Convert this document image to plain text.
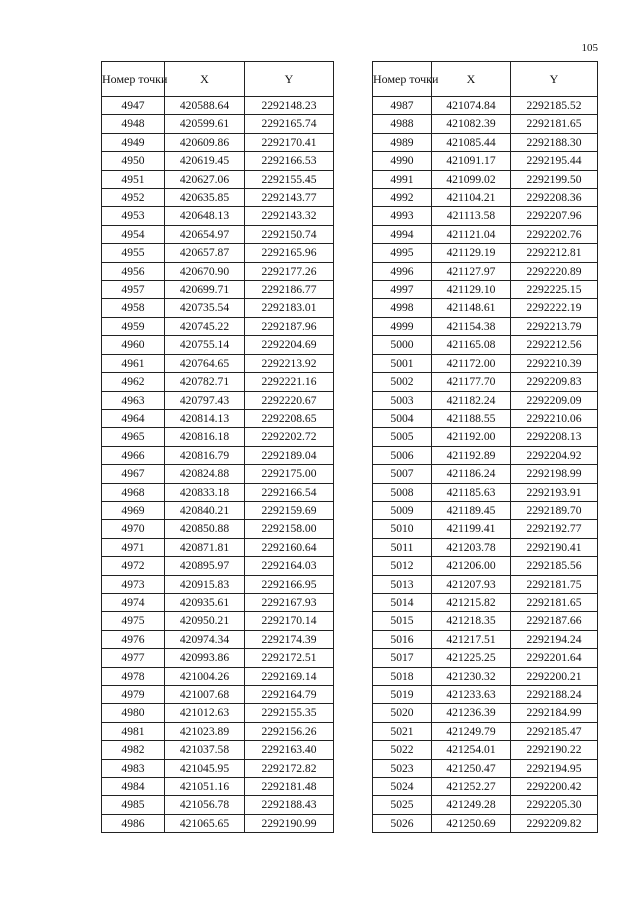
105
Номер точки	X	Y
4947	420588.64	2292148.23
4948	420599.61	2292165.74
4949	420609.86	2292170.41
4950	420619.45	2292166.53
4951	420627.06	2292155.45
4952	420635.85	2292143.77
4953	420648.13	2292143.32
4954	420654.97	2292150.74
4955	420657.87	2292165.96
4956	420670.90	2292177.26
4957	420699.71	2292186.77
4958	420735.54	2292183.01
4959	420745.22	2292187.96
4960	420755.14	2292204.69
4961	420764.65	2292213.92
4962	420782.71	2292221.16
4963	420797.43	2292220.67
4964	420814.13	2292208.65
4965	420816.18	2292202.72
4966	420816.79	2292189.04
4967	420824.88	2292175.00
4968	420833.18	2292166.54
4969	420840.21	2292159.69
4970	420850.88	2292158.00
4971	420871.81	2292160.64
4972	420895.97	2292164.03
4973	420915.83	2292166.95
4974	420935.61	2292167.93
4975	420950.21	2292170.14
4976	420974.34	2292174.39
4977	420993.86	2292172.51
4978	421004.26	2292169.14
4979	421007.68	2292164.79
4980	421012.63	2292155.35
4981	421023.89	2292156.26
4982	421037.58	2292163.40
4983	421045.95	2292172.82
4984	421051.16	2292181.48
4985	421056.78	2292188.43
4986	421065.65	2292190.99
Номер точки	X	Y
4987	421074.84	2292185.52
4988	421082.39	2292181.65
4989	421085.44	2292188.30
4990	421091.17	2292195.44
4991	421099.02	2292199.50
4992	421104.21	2292208.36
4993	421113.58	2292207.96
4994	421121.04	2292202.76
4995	421129.19	2292212.81
4996	421127.97	2292220.89
4997	421129.10	2292225.15
4998	421148.61	2292222.19
4999	421154.38	2292213.79
5000	421165.08	2292212.56
5001	421172.00	2292210.39
5002	421177.70	2292209.83
5003	421182.24	2292209.09
5004	421188.55	2292210.06
5005	421192.00	2292208.13
5006	421192.89	2292204.92
5007	421186.24	2292198.99
5008	421185.63	2292193.91
5009	421189.45	2292189.70
5010	421199.41	2292192.77
5011	421203.78	2292190.41
5012	421206.00	2292185.56
5013	421207.93	2292181.75
5014	421215.82	2292181.65
5015	421218.35	2292187.66
5016	421217.51	2292194.24
5017	421225.25	2292201.64
5018	421230.32	2292200.21
5019	421233.63	2292188.24
5020	421236.39	2292184.99
5021	421249.79	2292185.47
5022	421254.01	2292190.22
5023	421250.47	2292194.95
5024	421252.27	2292200.42
5025	421249.28	2292205.30
5026	421250.69	2292209.82
